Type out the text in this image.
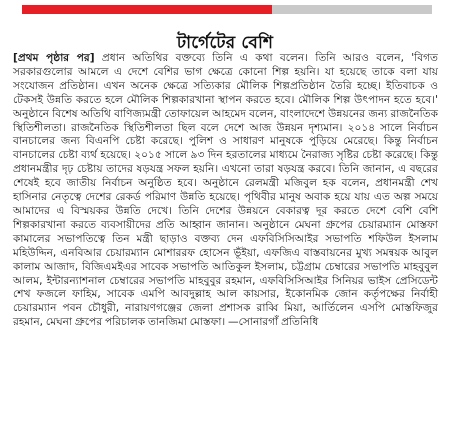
টার্গেটের বেশি
[প্রথম পৃষ্ঠার পর] প্রধান অতিথির বক্তব্যে তিনি এ কথা বলেন। তিনি আরও বলেন, 'বিগত সরকারগুলোর আমলে এ দেশে বেশির ভাগ ক্ষেত্রে কোনো শিল্প হয়নি। যা হয়েছে তাকে বলা যায় সংযোজন প্রতিষ্ঠান। এখন অনেক ক্ষেত্রে সত্যিকার মৌলিক শিল্পপ্রতিষ্ঠান তৈরি হচ্ছে। ইতিবাচক ও টেকসই উন্নতি করতে হলে মৌলিক শিল্পকারখানা স্থাপন করতে হবে। মৌলিক শিল্প উৎপাদন হতে হবে।' অনুষ্ঠানে বিশেষ অতিথি বাণিজ্যমন্ত্রী তোফায়েল আহমেদ বলেন, বাংলাদেশে উন্নয়নের জন্য রাজনৈতিক স্থিতিশীলতা। রাজনৈতিক স্থিতিশীলতা ছিল বলে দেশে আজ উন্নয়ন দৃশ্যমান। ২০১৪ সালে নির্বাচন বানচালের জন্য বিএনপি চেষ্টা করেছে। পুলিশ ও সাধারণ মানুষকে পুড়িয়ে মেরেছে। কিন্তু নির্বাচন বানচালের চেষ্টা ব্যর্থ হয়েছে। ২০১৫ সালে ৯৩ দিন হরতালের মাধ্যমে নৈরাজ্য সৃষ্টির চেষ্টা করেছে। কিন্তু প্রধানমন্ত্রীর দৃঢ় চেষ্টায় তাদের ষড়যন্ত্র সফল হয়নি। এখনো তারা ষড়যন্ত্র করবে। তিনি জানান, এ বছরের শেষেই হবে জাতীয় নির্বাচন অনুষ্ঠিত হবে। অনুষ্ঠানে রেলমন্ত্রী মজিবুল হক বলেন, প্রধানমন্ত্রী শেখ হাসিনার নেতৃত্বে দেশের রেকর্ড পরিমাণ উন্নতি হয়েছে। পৃথিবীর মানুষ অবাক হয়ে যায় এত অল্প সময়ে আমাদের এ বিস্ময়কর উন্নতি দেখে। তিনি দেশের উন্নয়নে বেকারত্ব দূর করতে দেশে বেশি বেশি শিল্পকারখানা করতে ব্যবসায়ীদের প্রতি আহ্বান জানান। অনুষ্ঠানে মেঘনা গ্রুপের চেয়ারম্যান মোস্তফা কামালের সভাপতিত্বে তিন মন্ত্রী ছাড়াও বক্তব্য দেন এফবিসিসিআইর সভাপতি শফিউল ইসলাম মহিউদ্দিন, এনবিআর চেয়ারম্যান মোশাররফ হোসেন ভূঁইয়া, এফজিএ বাস্তবায়নের মুখ্য সমন্বয়ক আবুল কালাম আজাদ, বিজিএমইএর সাবেক সভাপতি আতিকুল ইসলাম, চট্টগ্রাম চেম্বারের সভাপতি মাহবুবুল আলম, ইন্টারন্যাশনাল চেম্বারের সভাপতি মাহবুবুর রহমান, এফবিসিসিআইর সিনিয়র ভাইস প্রেসিডেন্ট শেখ ফজলে ফাহিম, সাবেক এমপি আবদুল্লাহ আল কায়সার, ইকোনমিক জোন কর্তৃপক্ষের নির্বাহী চেয়ারম্যান পবন চৌধুরী, নারায়ণগঞ্জের জেলা প্রশাসক রাব্বি মিয়া, আর্তিলেন এসপি মোস্তফিজুর রহমান, মেঘনা গ্রুপের পরিচালক তানজিমা মোস্তফা। —সোনারগাঁ প্রতিনিধি
